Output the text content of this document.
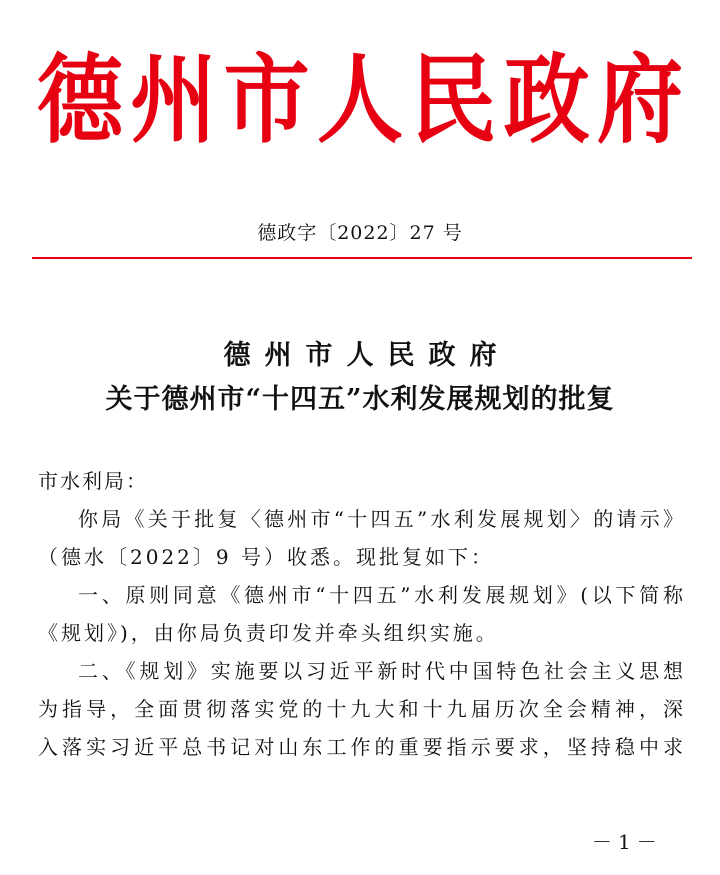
德 州 市 人 民 政 府
德政字〔2022〕27 号
德州市人民政府
关于德州市“十四五”水利发展规划的批复
市水利局：
你局《关于批复〈德州市“十四五”水利发展规划〉的请示》
（德水〔2022〕9 号）收悉。现批复如下：
一、原则同意《德州市“十四五”水利发展规划》(以下简称
《规划》)，由你局负责印发并牵头组织实施。
二、《规划》实施要以习近平新时代中国特色社会主义思想
为指导，全面贯彻落实党的十九大和十九届历次全会精神，深
入落实习近平总书记对山东工作的重要指示要求，坚持稳中求
－1－
